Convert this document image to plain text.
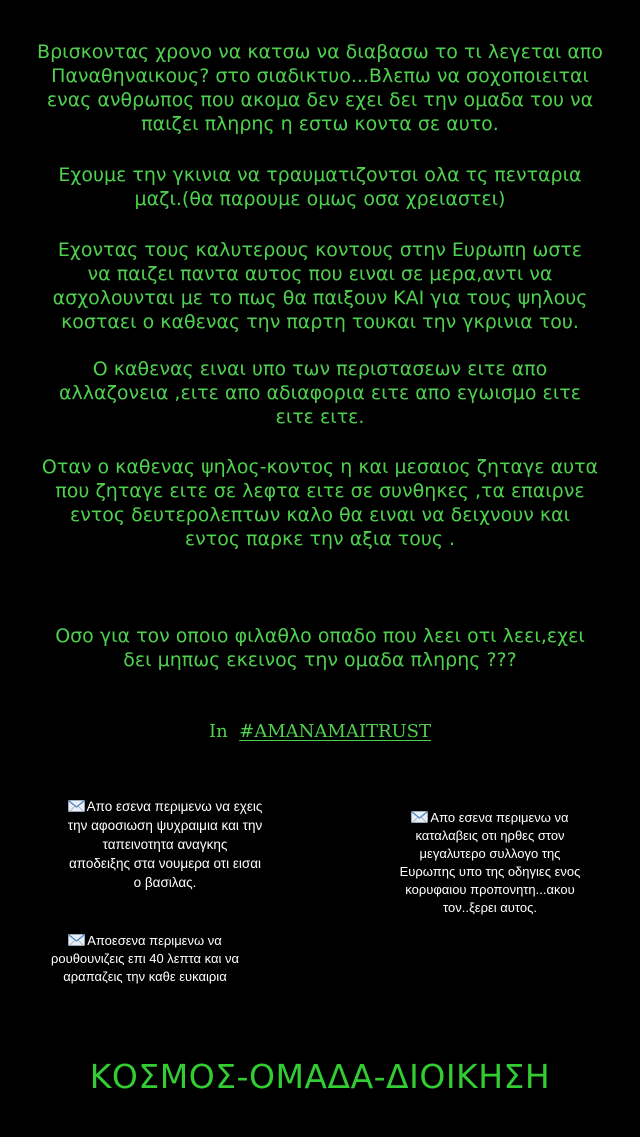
Βρισκοντας χρονο να κατσω να διαβασω το τι λεγεται απο
Παναθηναικους? στο σιαδικτυο...Βλεπω να σοχοποιειται
ενας ανθρωπος που ακομα δεν εχει δει την ομαδα του να
παιζει πληρης η εστω κοντα σε αυτο.

Εχουμε την γκινια να τραυματιζοντσι ολα τς πενταρια
μαζι.(θα παρουμε ομως οσα χρειαστει)

Εχοντας τους καλυτερους κοντους στην Ευρωπη ωστε
να παιζει παντα αυτος που ειναι σε μερα,αντι να
ασχολουνται με το πως θα παιξουν ΚΑΙ για τους ψηλους
κοσταει ο καθενας την παρτη τουκαι την γκρινια του.

Ο καθενας ειναι υπο των περιστασεων ειτε απο
αλλαζονεια ,ειτε απο αδιαφορια ειτε απο εγωισμο ειτε
ειτε ειτε.

Οταν ο καθενας ψηλος-κοντος η και μεσαιος ζηταγε αυτα
που ζηταγε ειτε σε λεφτα ειτε σε συνθηκες ,τα επαιρνε
εντος δευτερολεπτων καλο θα ειναι να δειχνουν και
εντος παρκε την αξια τους .

Οσο για τον οποιο φιλαθλο οπαδο που λεει οτι λεει,εχει
δει μηπως εκεινος την ομαδα πληρης ???

In #AMANAMAITRUST
Απο εσενα περιμενω να εχεις
την αφοσιωση ψυχραιμια και την
ταπεινοτητα αναγκης
αποδειξης στα νουμερα οτι εισαι
ο βασιλας.
Απο εσενα περιμενω να
καταλαβεις οτι ηρθες στον
μεγαλυτερο συλλογο της
Ευρωπης υπο της οδηγιες ενος
κορυφαιου προπονητη...ακου
τον..ξερει αυτος.
Αποεσενα περιμενω να
ρουθουνιζεις επι 40 λεπτα και να
αραπαζεις την καθε ευκαιρια
ΚΟΣΜΟΣ-ΟΜΑΔΑ-ΔΙΟΙΚΗΣΗ
